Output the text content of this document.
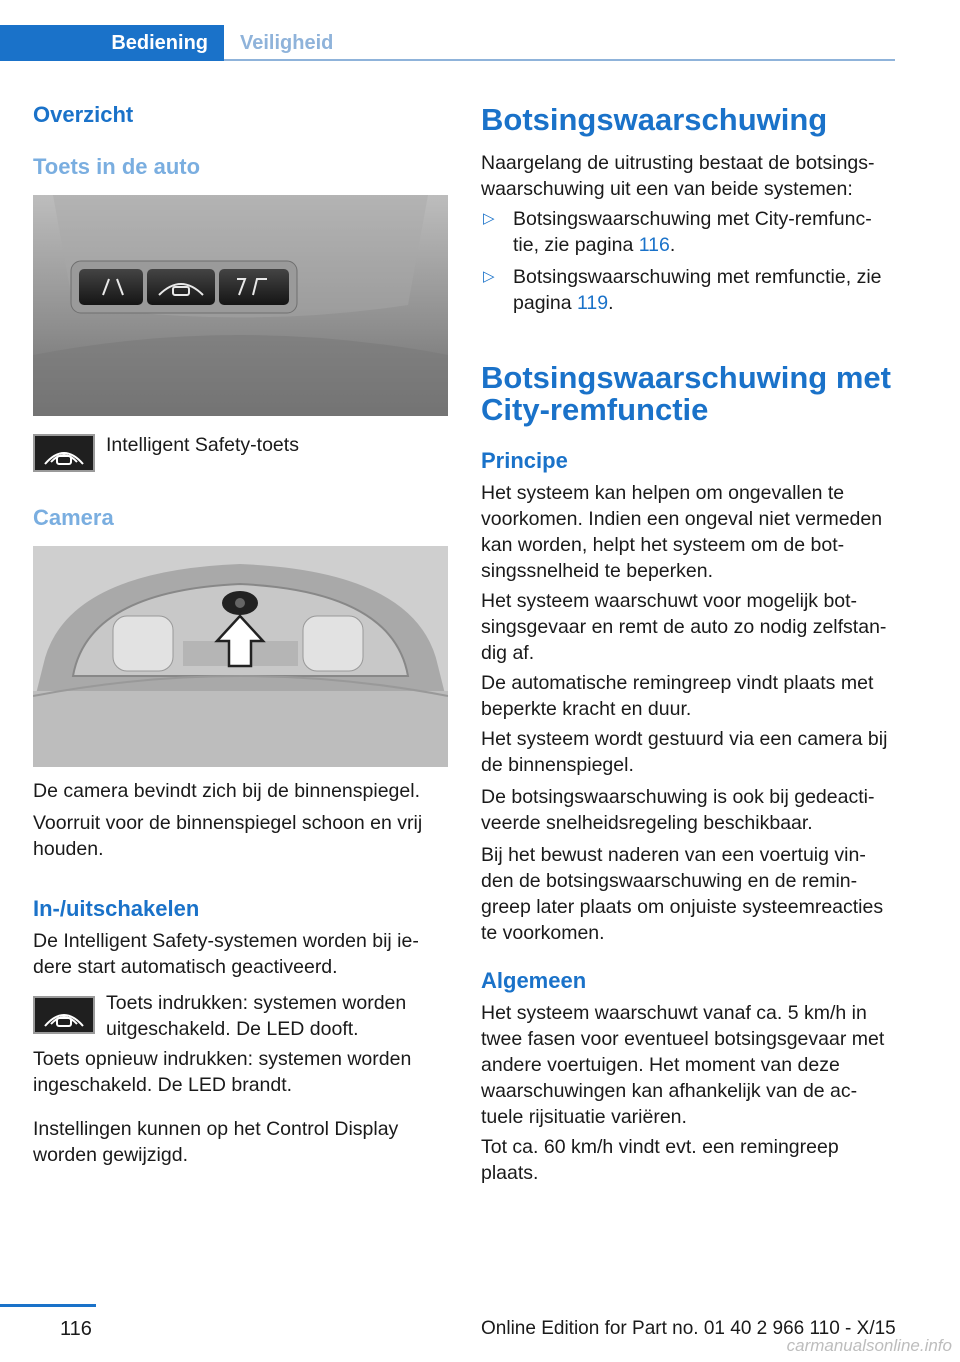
Bediening	Veiligheid
Overzicht
Toets in de auto

Intelligent Safety-toets

Camera

De camera bevindt zich bij de binnenspiegel.

Voorruit voor de binnenspiegel schoon en vrij houden.

In-/uitschakelen

De Intelligent Safety-systemen worden bij ie-dere start automatisch geactiveerd.

Toets indrukken: systemen worden uitgeschakeld. De LED dooft.

Toets opnieuw indrukken: systemen worden ingeschakeld. De LED brandt.

Instellingen kunnen op het Control Display worden gewijzigd.

Botsingswaarschuwing

Naargelang de uitrusting bestaat de botsings-waarschuwing uit een van beide systemen:

▷ Botsingswaarschuwing met City-remfunc-tie, zie pagina 116.
▷ Botsingswaarschuwing met remfunctie, zie pagina 119.
Botsingswaarschuwing met City-remfunctie
Principe

Het systeem kan helpen om ongevallen te voorkomen. Indien een ongeval niet vermeden kan worden, helpt het systeem om de bot-singssnelheid te beperken.

Het systeem waarschuwt voor mogelijk bot-singsgevaar en remt de auto zo nodig zelfstan-dig af.

De automatische remingreep vindt plaats met beperkte kracht en duur.

Het systeem wordt gestuurd via een camera bij de binnenspiegel.

De botsingswaarschuwing is ook bij gedeacti-veerde snelheidsregeling beschikbaar.

Bij het bewust naderen van een voertuig vin-den de botsingswaarschuwing en de remin-greep later plaats om onjuiste systeemreacties te voorkomen.

Algemeen

Het systeem waarschuwt vanaf ca. 5 km/h in twee fasen voor eventueel botsingsgevaar met andere voertuigen. Het moment van deze waarschuwingen kan afhankelijk van de ac-tuele rijsituatie variëren.

Tot ca. 60 km/h vindt evt. een remingreep plaats.

116	Online Edition for Part no. 01 40 2 966 110 - X/15
carmanualsonline.info
